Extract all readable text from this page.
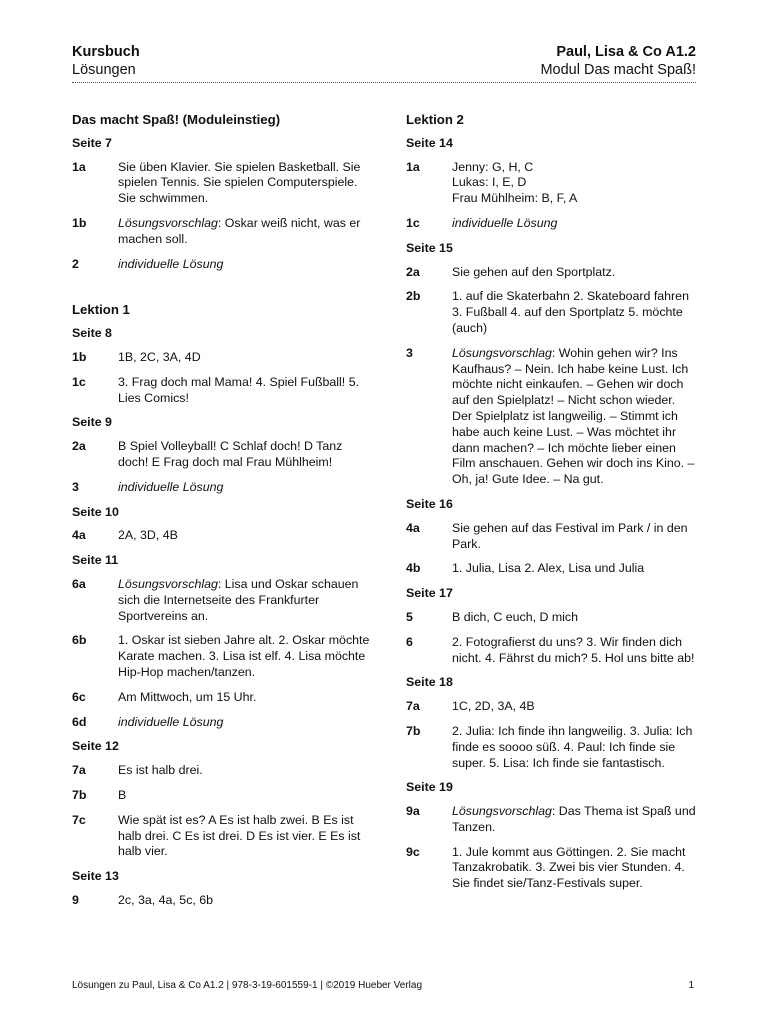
Kursbuch
Lösungen
Paul, Lisa & Co A1.2
Modul Das macht Spaß!
Das macht Spaß! (Moduleinstieg)
Seite 7
1a	Sie üben Klavier. Sie spielen Basketball. Sie spielen Tennis. Sie spielen Computerspiele. Sie schwimmen.
1b	Lösungsvorschlag: Oskar weiß nicht, was er machen soll.
2	individuelle Lösung
Lektion 1
Seite 8
1b	1B, 2C, 3A, 4D
1c	3. Frag doch mal Mama! 4. Spiel Fußball! 5. Lies Comics!
Seite 9
2a	B Spiel Volleyball! C Schlaf doch! D Tanz doch! E Frag doch mal Frau Mühlheim!
3	individuelle Lösung
Seite 10
4a	2A, 3D, 4B
Seite 11
6a	Lösungsvorschlag: Lisa und Oskar schauen sich die Internetseite des Frankfurter Sportvereins an.
6b	1. Oskar ist sieben Jahre alt. 2. Oskar möchte Karate machen. 3. Lisa ist elf. 4. Lisa möchte Hip-Hop machen/tanzen.
6c	Am Mittwoch, um 15 Uhr.
6d	individuelle Lösung
Seite 12
7a	Es ist halb drei.
7b	B
7c	Wie spät ist es? A Es ist halb zwei. B Es ist halb drei. C Es ist drei. D Es ist vier. E Es ist halb vier.
Seite 13
9	2c, 3a, 4a, 5c, 6b
Lektion 2
Seite 14
1a	Jenny: G, H, C
Lukas: I, E, D
Frau Mühlheim: B, F, A
1c	individuelle Lösung
Seite 15
2a	Sie gehen auf den Sportplatz.
2b	1. auf die Skaterbahn 2. Skateboard fahren 3. Fußball 4. auf den Sportplatz 5. möchte (auch)
3	Lösungsvorschlag: Wohin gehen wir? Ins Kaufhaus? – Nein. Ich habe keine Lust. Ich möchte nicht einkaufen. – Gehen wir doch auf den Spielplatz! – Nicht schon wieder. Der Spielplatz ist langweilig. – Stimmt ich habe auch keine Lust. – Was möchtet ihr dann machen? – Ich möchte lieber einen Film anschauen. Gehen wir doch ins Kino. – Oh, ja! Gute Idee. – Na gut.
Seite 16
4a	Sie gehen auf das Festival im Park / in den Park.
4b	1. Julia, Lisa 2. Alex, Lisa und Julia
Seite 17
5	B dich, C euch, D mich
6	2. Fotografierst du uns? 3. Wir finden dich nicht. 4. Fährst du mich? 5. Hol uns bitte ab!
Seite 18
7a	1C, 2D, 3A, 4B
7b	2. Julia: Ich finde ihn langweilig. 3. Julia: Ich finde es soooo süß. 4. Paul: Ich finde sie super. 5. Lisa: Ich finde sie fantastisch.
Seite 19
9a	Lösungsvorschlag: Das Thema ist Spaß und Tanzen.
9c	1. Jule kommt aus Göttingen. 2. Sie macht Tanzakrobatik. 3. Zwei bis vier Stunden. 4. Sie findet sie/Tanz-Festivals super.
Lösungen zu Paul, Lisa & Co A1.2 | 978-3-19-601559-1 | ©2019 Hueber Verlag	1
